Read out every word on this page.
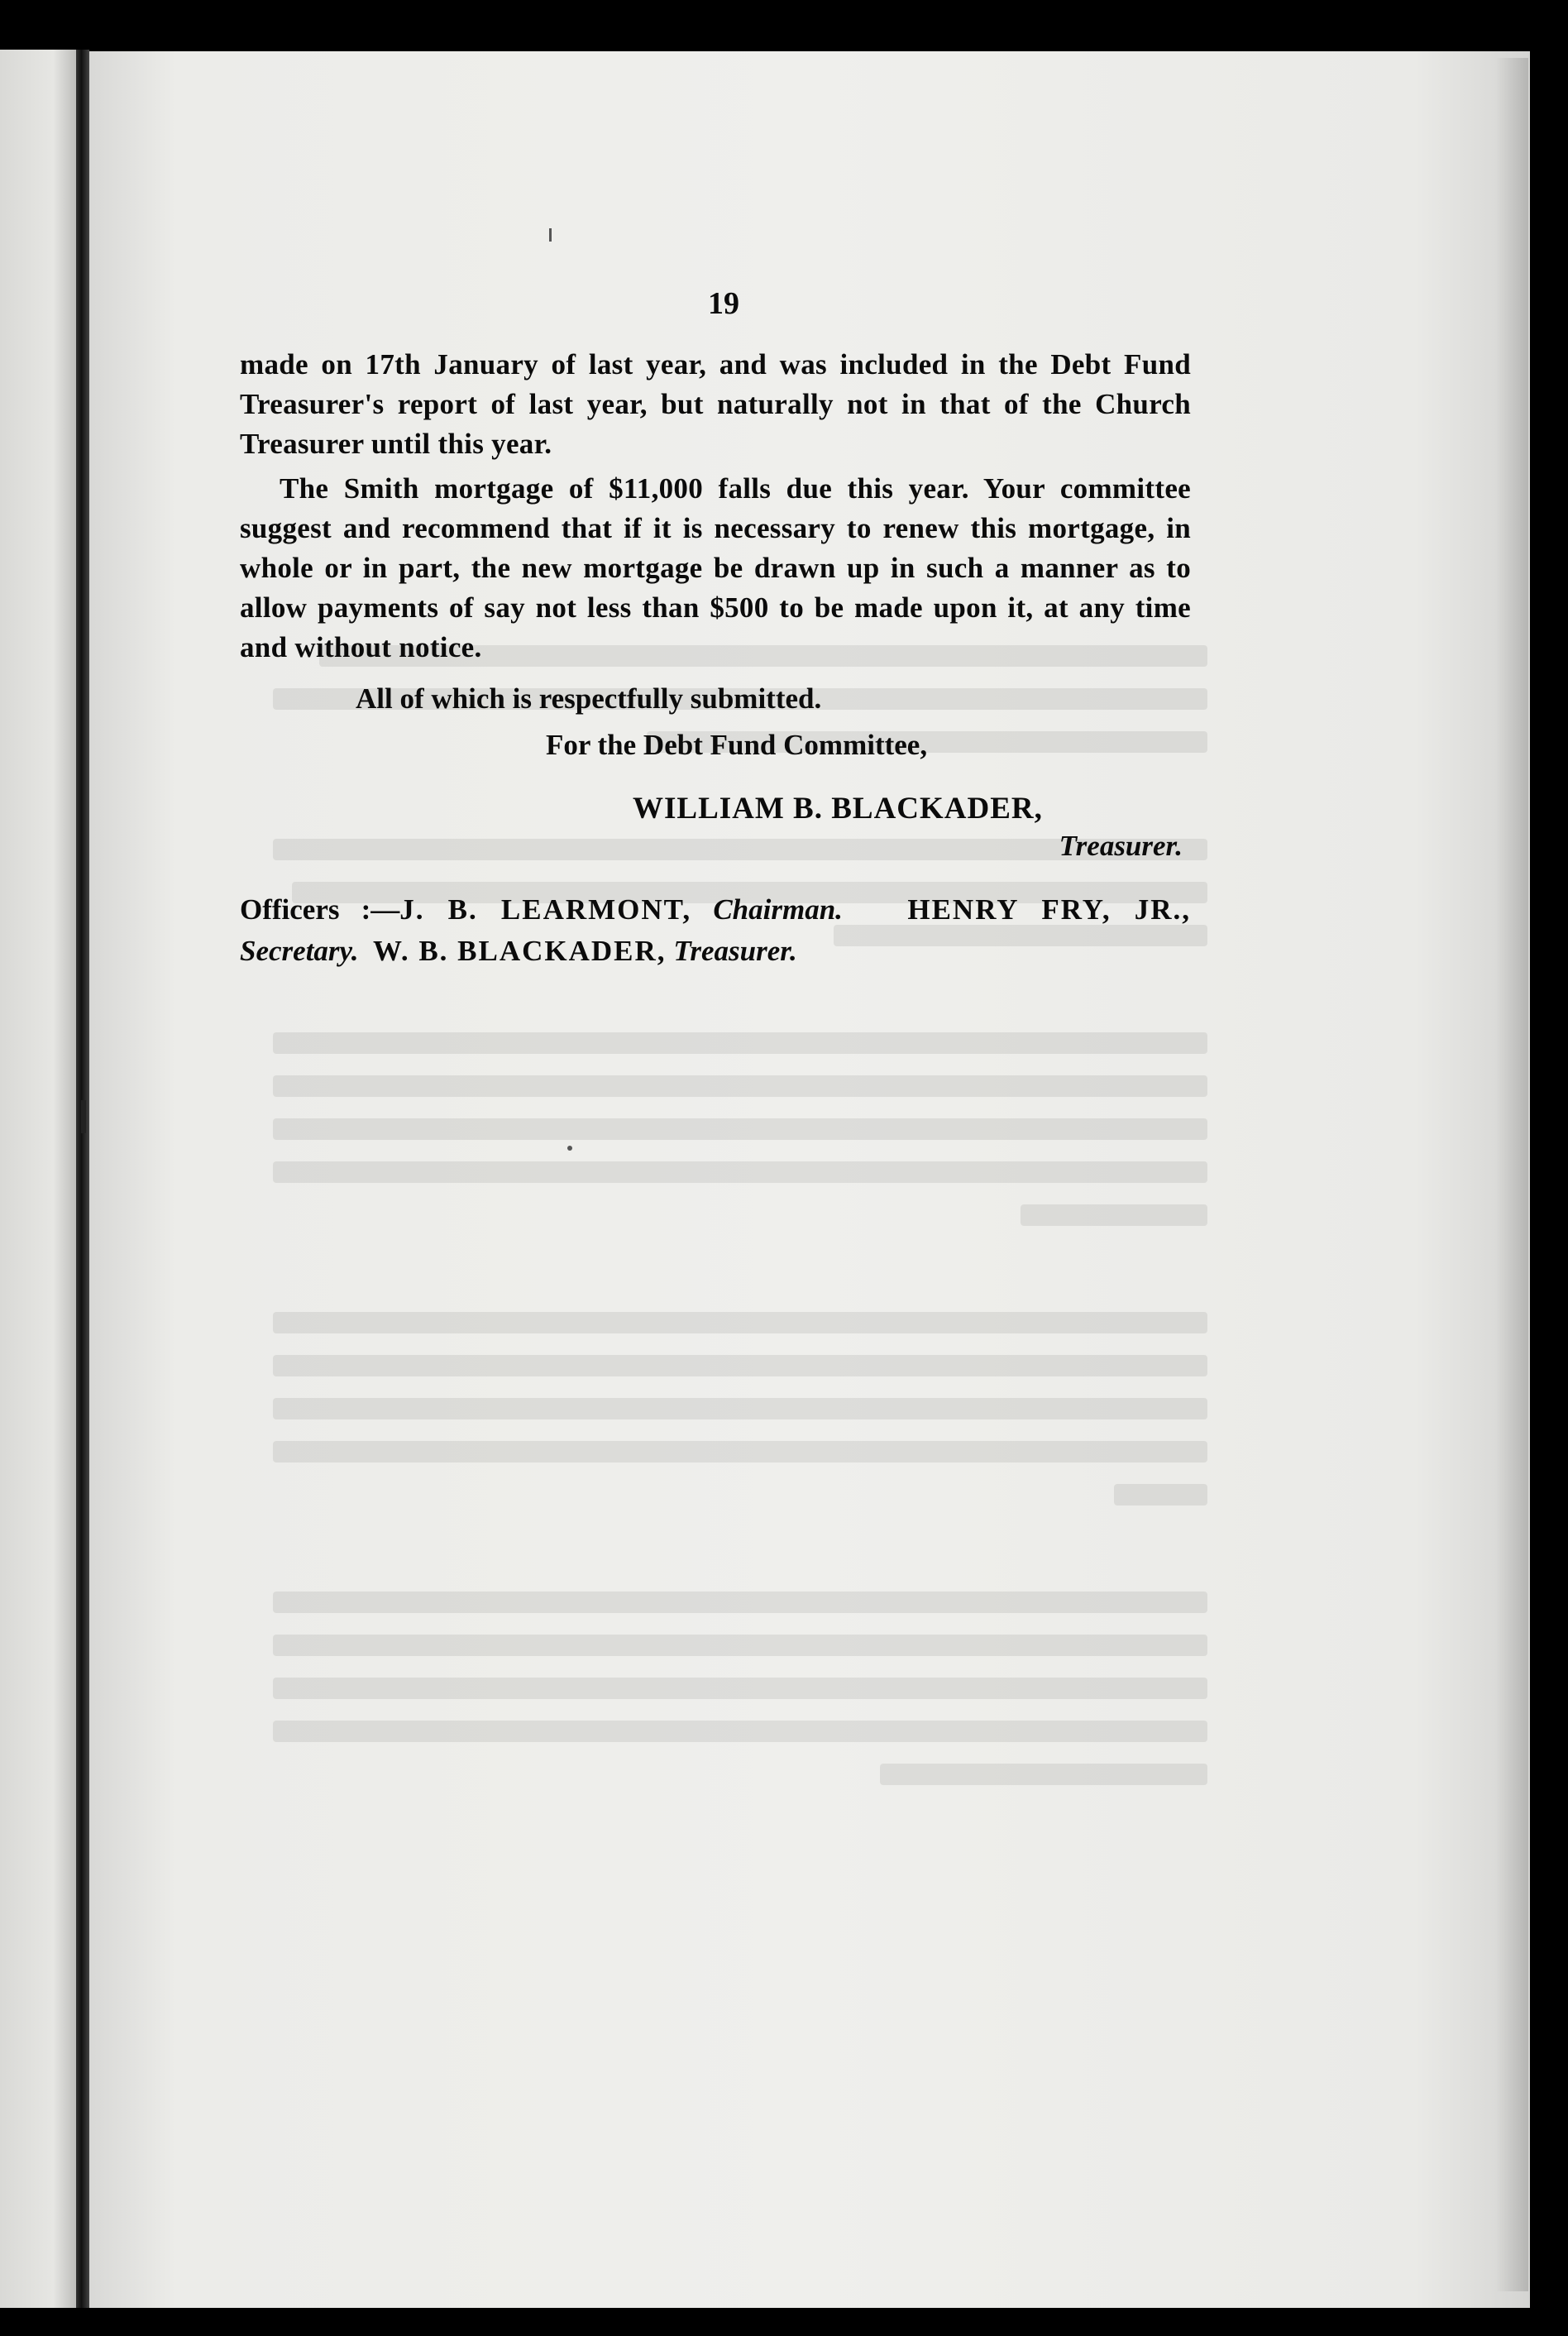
19

made on 17th January of last year, and was included in the Debt Fund Treasurer's report of last year, but naturally not in that of the Church Treasurer until this year.

The Smith mortgage of $11,000 falls due this year. Your committee suggest and recommend that if it is necessary to renew this mortgage, in whole or in part, the new mortgage be drawn up in such a manner as to allow payments of say not less than $500 to be made upon it, at any time and without notice.

All of which is respectfully submitted.
For the Debt Fund Committee,
WILLIAM B. BLACKADER,
Treasurer.
Officers :—J. B. LEARMONT, Chairman. HENRY FRY, JR., Secretary. W. B. BLACKADER, Treasurer.
